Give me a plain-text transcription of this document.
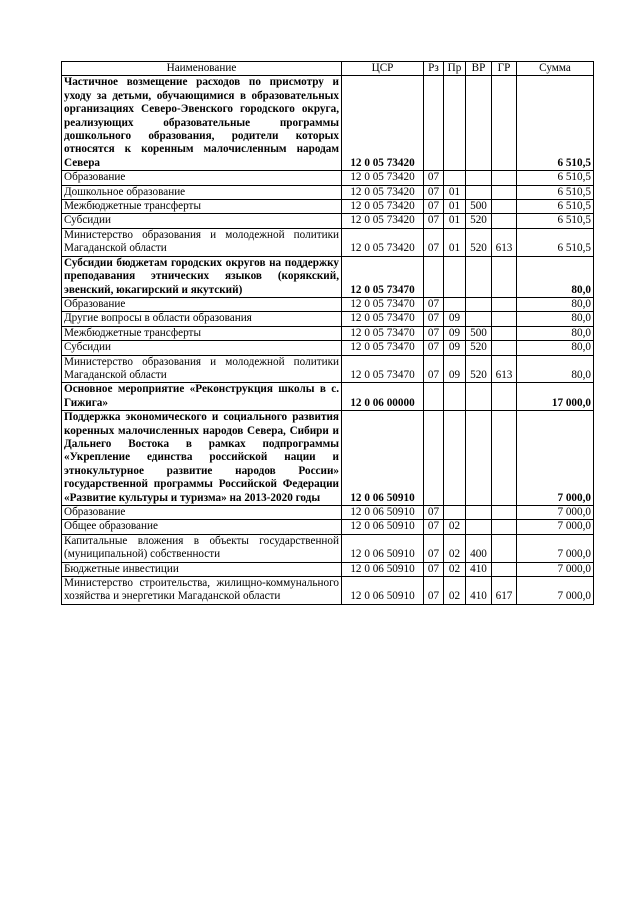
Наименование	ЦСР	Рз	Пр	ВР	ГР	Сумма
Частичное возмещение расходов по присмотру и уходу за детьми, обучающимися в образовательных организациях Северо-Эвенского городского округа, реализующих образовательные программы дошкольного образования, родители которых относятся к коренным малочисленным народам Севера	12 0 05 73420					6 510,5
Образование	12 0 05 73420	07				6 510,5
Дошкольное образование	12 0 05 73420	07	01			6 510,5
Межбюджетные трансферты	12 0 05 73420	07	01	500		6 510,5
Субсидии	12 0 05 73420	07	01	520		6 510,5
Министерство образования и молодежной политики Магаданской области	12 0 05 73420	07	01	520	613	6 510,5
Субсидии бюджетам городских округов на поддержку преподавания этнических языков (корякский, эвенский, юкагирский и якутский)	12 0 05 73470					80,0
Образование	12 0 05 73470	07				80,0
Другие вопросы в области образования	12 0 05 73470	07	09			80,0
Межбюджетные трансферты	12 0 05 73470	07	09	500		80,0
Субсидии	12 0 05 73470	07	09	520		80,0
Министерство образования и молодежной политики Магаданской области	12 0 05 73470	07	09	520	613	80,0
Основное мероприятие «Реконструкция школы в с. Гижига»	12 0 06 00000					17 000,0
Поддержка экономического и социального развития коренных малочисленных народов Севера, Сибири и Дальнего Востока в рамках подпрограммы «Укрепление единства российской нации и этнокультурное развитие народов России» государственной программы Российской Федерации «Развитие культуры и туризма» на 2013-2020 годы	12 0 06 50910					7 000,0
Образование	12 0 06 50910	07				7 000,0
Общее образование	12 0 06 50910	07	02			7 000,0
Капитальные вложения в объекты государственной (муниципальной) собственности	12 0 06 50910	07	02	400		7 000,0
Бюджетные инвестиции	12 0 06 50910	07	02	410		7 000,0
Министерство строительства, жилищно-коммунального хозяйства и энергетики Магаданской области	12 0 06 50910	07	02	410	617	7 000,0
